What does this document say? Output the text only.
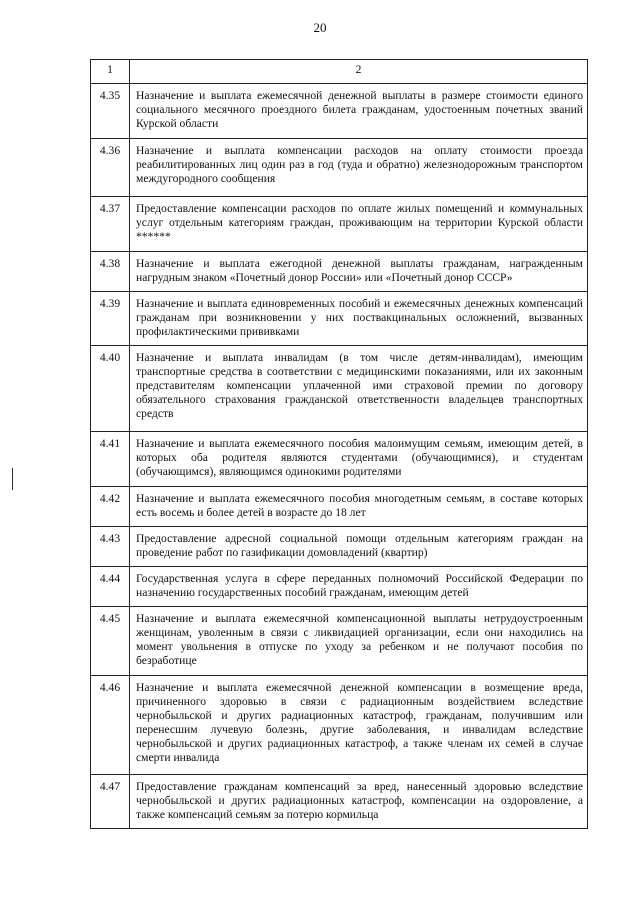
20
1	2
4.35	Назначение и выплата ежемесячной денежной выплаты в размере стоимости единого социального месячного проездного билета гражданам, удостоенным почетных званий Курской области
4.36	Назначение и выплата компенсации расходов на оплату стоимости проезда реабилитированных лиц один раз в год (туда и обратно) железнодорожным транспортом междугородного сообщения
4.37	Предоставление компенсации расходов по оплате жилых помещений и коммунальных услуг отдельным категориям граждан, проживающим на территории Курской области ******
4.38	Назначение и выплата ежегодной денежной выплаты гражданам, награжденным нагрудным знаком «Почетный донор России» или «Почетный донор СССР»
4.39	Назначение и выплата единовременных пособий и ежемесячных денежных компенсаций гражданам при возникновении у них поствакцинальных осложнений, вызванных профилактическими прививками
4.40	Назначение и выплата инвалидам (в том числе детям-инвалидам), имеющим транспортные средства в соответствии с медицинскими показаниями, или их законным представителям компенсации уплаченной ими страховой премии по договору обязательного страхования гражданской ответственности владельцев транспортных средств
4.41	Назначение и выплата ежемесячного пособия малоимущим семьям, имеющим детей, в которых оба родителя являются студентами (обучающимися), и студентам (обучающимся), являющимся одинокими родителями
4.42	Назначение и выплата ежемесячного пособия многодетным семьям, в составе которых есть восемь и более детей в возрасте до 18 лет
4.43	Предоставление адресной социальной помощи отдельным категориям граждан на проведение работ по газификации домовладений (квартир)
4.44	Государственная услуга в сфере переданных полномочий Российской Федерации по назначению государственных пособий гражданам, имеющим детей
4.45	Назначение и выплата ежемесячной компенсационной выплаты нетрудоустроенным женщинам, уволенным в связи с ликвидацией организации, если они находились на момент увольнения в отпуске по уходу за ребенком и не получают пособия по безработице
4.46	Назначение и выплата ежемесячной денежной компенсации в возмещение вреда, причиненного здоровью в связи с радиационным воздействием вследствие чернобыльской и других радиационных катастроф, гражданам, получившим или перенесшим лучевую болезнь, другие заболевания, и инвалидам вследствие чернобыльской и других радиационных катастроф, а также членам их семей в случае смерти инвалида
4.47	Предоставление гражданам компенсаций за вред, нанесенный здоровью вследствие чернобыльской и других радиационных катастроф, компенсации на оздоровление, а также компенсаций семьям за потерю кормильца
